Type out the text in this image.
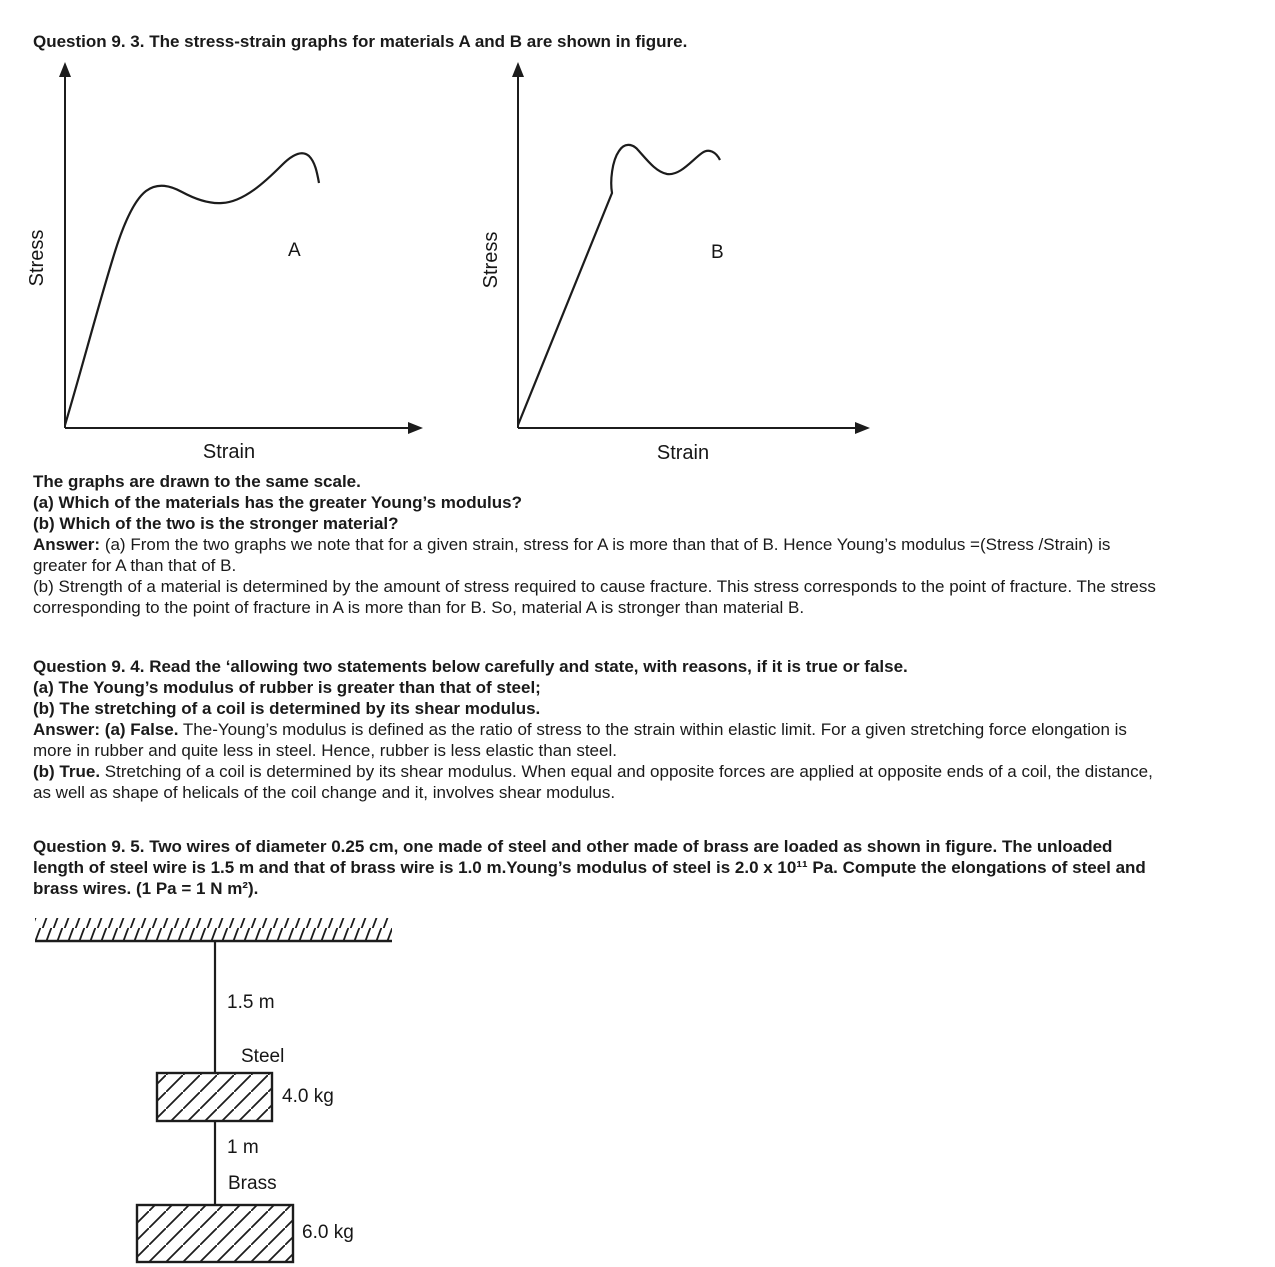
Question 9. 3. The stress-strain graphs for materials A and B are shown in figure.
Stress
Strain
A	Stress
Strain
B
The graphs are drawn to the same scale.
(a) Which of the materials has the greater Young’s modulus?
(b) Which of the two is the stronger material?
Answer: (a) From the two graphs we note that for a given strain, stress for A is more than that of B. Hence Young’s modulus =(Stress /Strain) is
greater for A than that of B.
(b) Strength of a material is determined by the amount of stress required to cause fracture. This stress corresponds to the point of fracture. The stress
corresponding to the point of fracture in A is more than for B. So, material A is stronger than material B.
Question 9. 4. Read the ‘allowing two statements below carefully and state, with reasons, if it is true or false.
(a) The Young’s modulus of rubber is greater than that of steel;
(b) The stretching of a coil is determined by its shear modulus.
Answer: (a) False. The-Young’s modulus is defined as the ratio of stress to the strain within elastic limit. For a given stretching force elongation is
more in rubber and quite less in steel. Hence, rubber is less elastic than steel.
(b) True. Stretching of a coil is determined by its shear modulus. When equal and opposite forces are applied at opposite ends of a coil, the distance,
as well as shape of helicals of the coil change and it, involves shear modulus.
Question 9. 5. Two wires of diameter 0.25 cm, one made of steel and other made of brass are loaded as shown in figure. The unloaded
length of steel wire is 1.5 m and that of brass wire is 1.0 m.Young’s modulus of steel is 2.0 x 10¹¹ Pa. Compute the elongations of steel and
brass wires. (1 Pa = 1 N m²).
1.5 m
Steel
4.0 kg
1 m
Brass
6.0 kg
